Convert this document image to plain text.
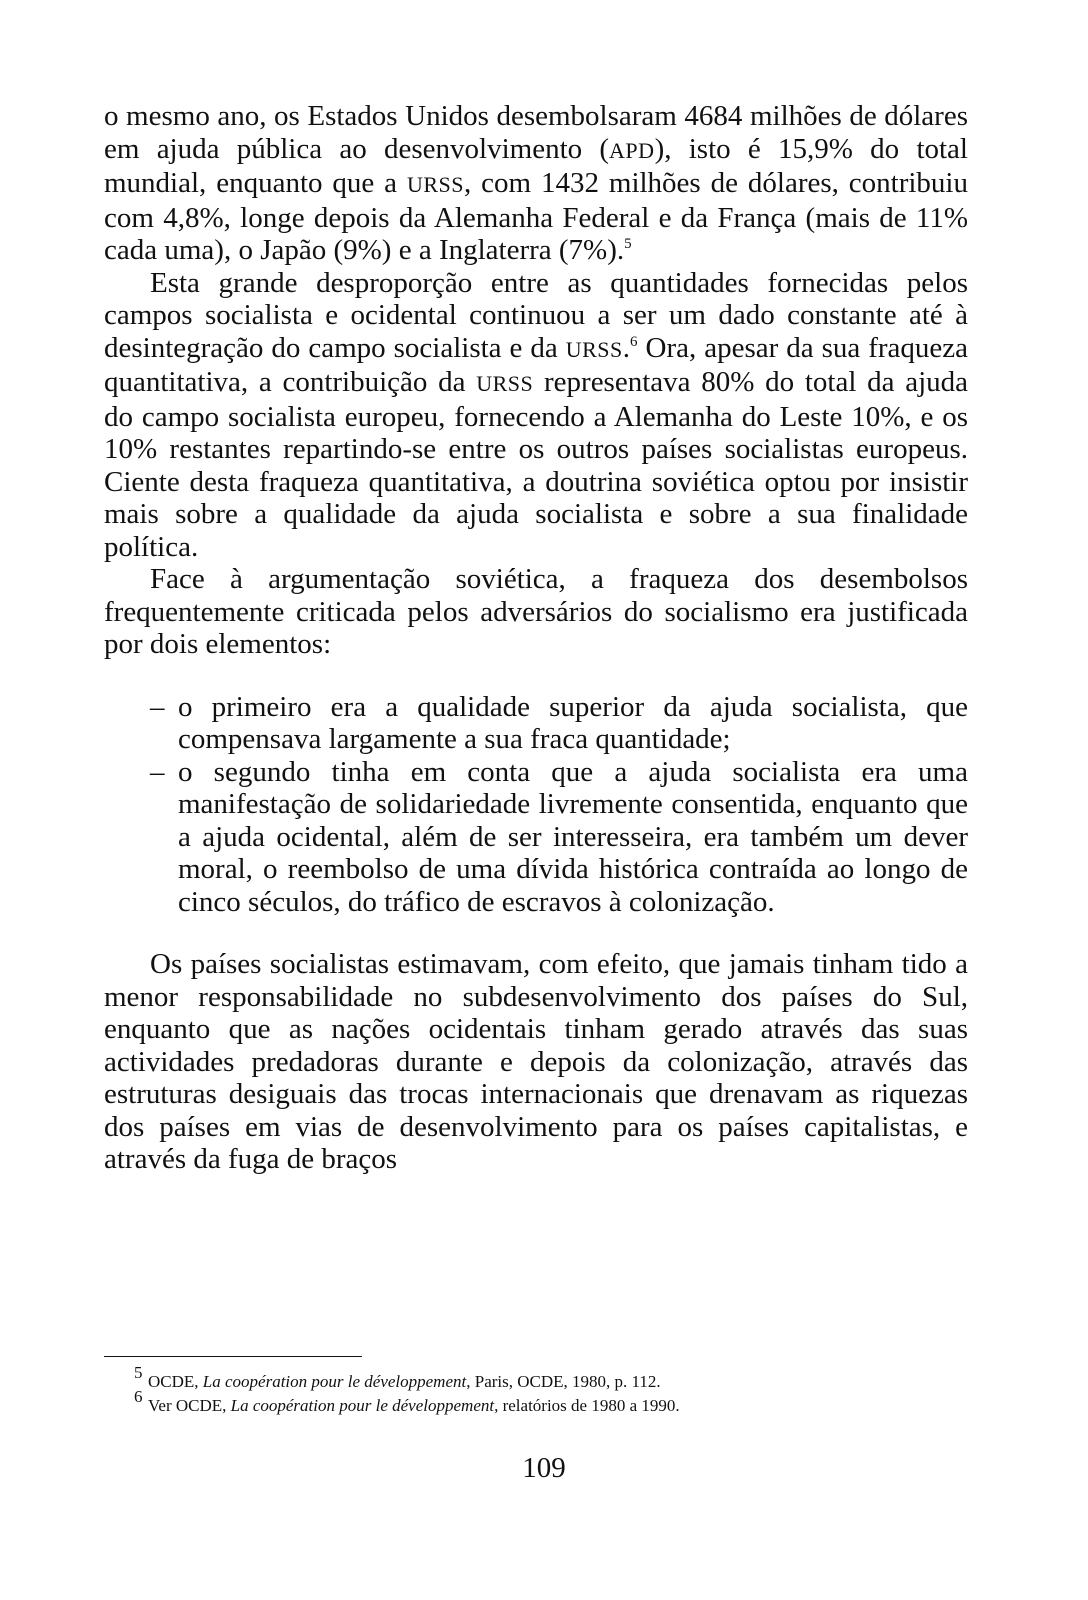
o mesmo ano, os Estados Unidos desembolsaram 4684 milhões de dólares em ajuda pública ao desenvolvimento (APD), isto é 15,9% do total mundial, enquanto que a URSS, com 1432 milhões de dólares, contribuiu com 4,8%, longe depois da Alemanha Federal e da França (mais de 11% cada uma), o Japão (9%) e a Inglaterra (7%).$^5$

Esta grande desproporção entre as quantidades fornecidas pelos campos socialista e ocidental continuou a ser um dado constante até à desintegração do campo socialista e da URSS.$^6$ Ora, apesar da sua fraqueza quantitativa, a contribuição da URSS representava 80% do total da ajuda do campo socialista europeu, fornecendo a Alemanha do Leste 10%, e os 10% restantes repartindo-se entre os outros países socialistas europeus. Ciente desta fraqueza quantitativa, a doutrina soviética optou por insistir mais sobre a qualidade da ajuda socialista e sobre a sua finalidade política.

Face à argumentação soviética, a fraqueza dos desembolsos frequentemente criticada pelos adversários do socialismo era justificada por dois elementos:

– o primeiro era a qualidade superior da ajuda socialista, que compensava largamente a sua fraca quantidade;
– o segundo tinha em conta que a ajuda socialista era uma manifestação de solidariedade livremente consentida, enquanto que a ajuda ocidental, além de ser interesseira, era também um dever moral, o reembolso de uma dívida histórica contraída ao longo de cinco séculos, do tráfico de escravos à colonização.

Os países socialistas estimavam, com efeito, que jamais tinham tido a menor responsabilidade no subdesenvolvimento dos países do Sul, enquanto que as nações ocidentais tinham gerado através das suas actividades predadoras durante e depois da colonização, através das estruturas desiguais das trocas internacionais que drenavam as riquezas dos países em vias de desenvolvimento para os países capitalistas, e através da fuga de braços

5 OCDE, La coopération pour le développement, Paris, OCDE, 1980, p. 112.
6 Ver OCDE, La coopération pour le développement, relatórios de 1980 a 1990.
109
